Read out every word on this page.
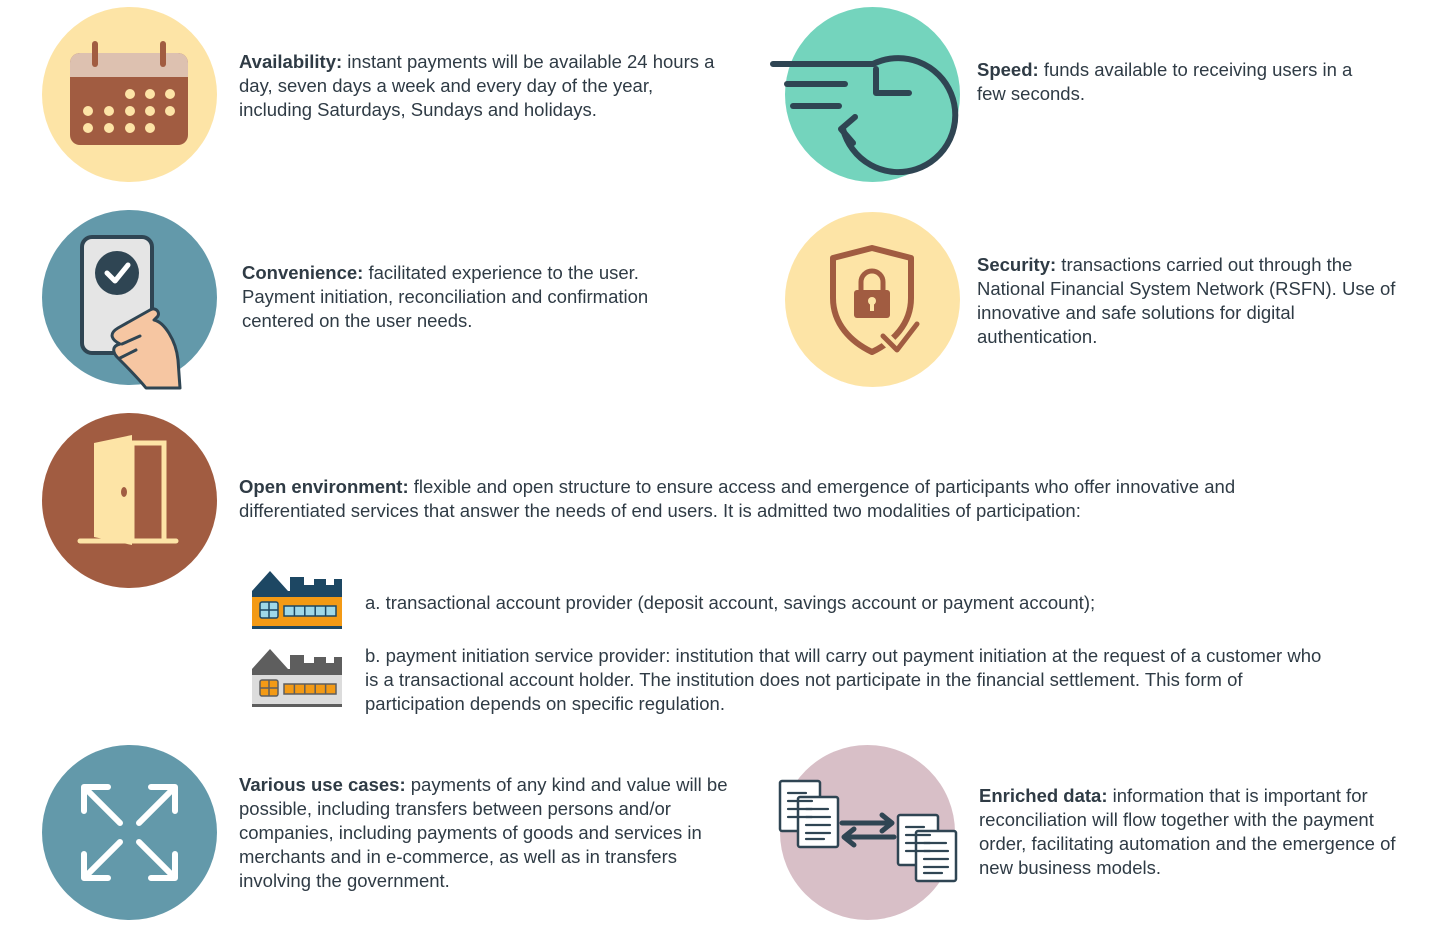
Availability: instant payments will be available 24 hours a day, seven days a week and every day of the year, including Saturdays, Sundays and holidays.
Speed: funds available to receiving users in a few seconds.
Convenience: facilitated experience to the user. Payment initiation, reconciliation and confirmation centered on the user needs.
Security: transactions carried out through the National Financial System Network (RSFN). Use of innovative and safe solutions for digital authentication.
Open environment: flexible and open structure to ensure access and emergence of participants who offer innovative and differentiated services that answer the needs of end users. It is admitted two modalities of participation:
a. transactional account provider (deposit account, savings account or payment account);
b. payment initiation service provider: institution that will carry out payment initiation at the request of a customer who is a transactional account holder. The institution does not participate in the financial settlement. This form of participation depends on specific regulation.
Various use cases: payments of any kind and value will be possible, including transfers between persons and/or companies, including payments of goods and services in merchants and in e-commerce, as well as in transfers involving the government.
Enriched data: information that is important for reconciliation will flow together with the payment order, facilitating automation and the emergence of new business models.
